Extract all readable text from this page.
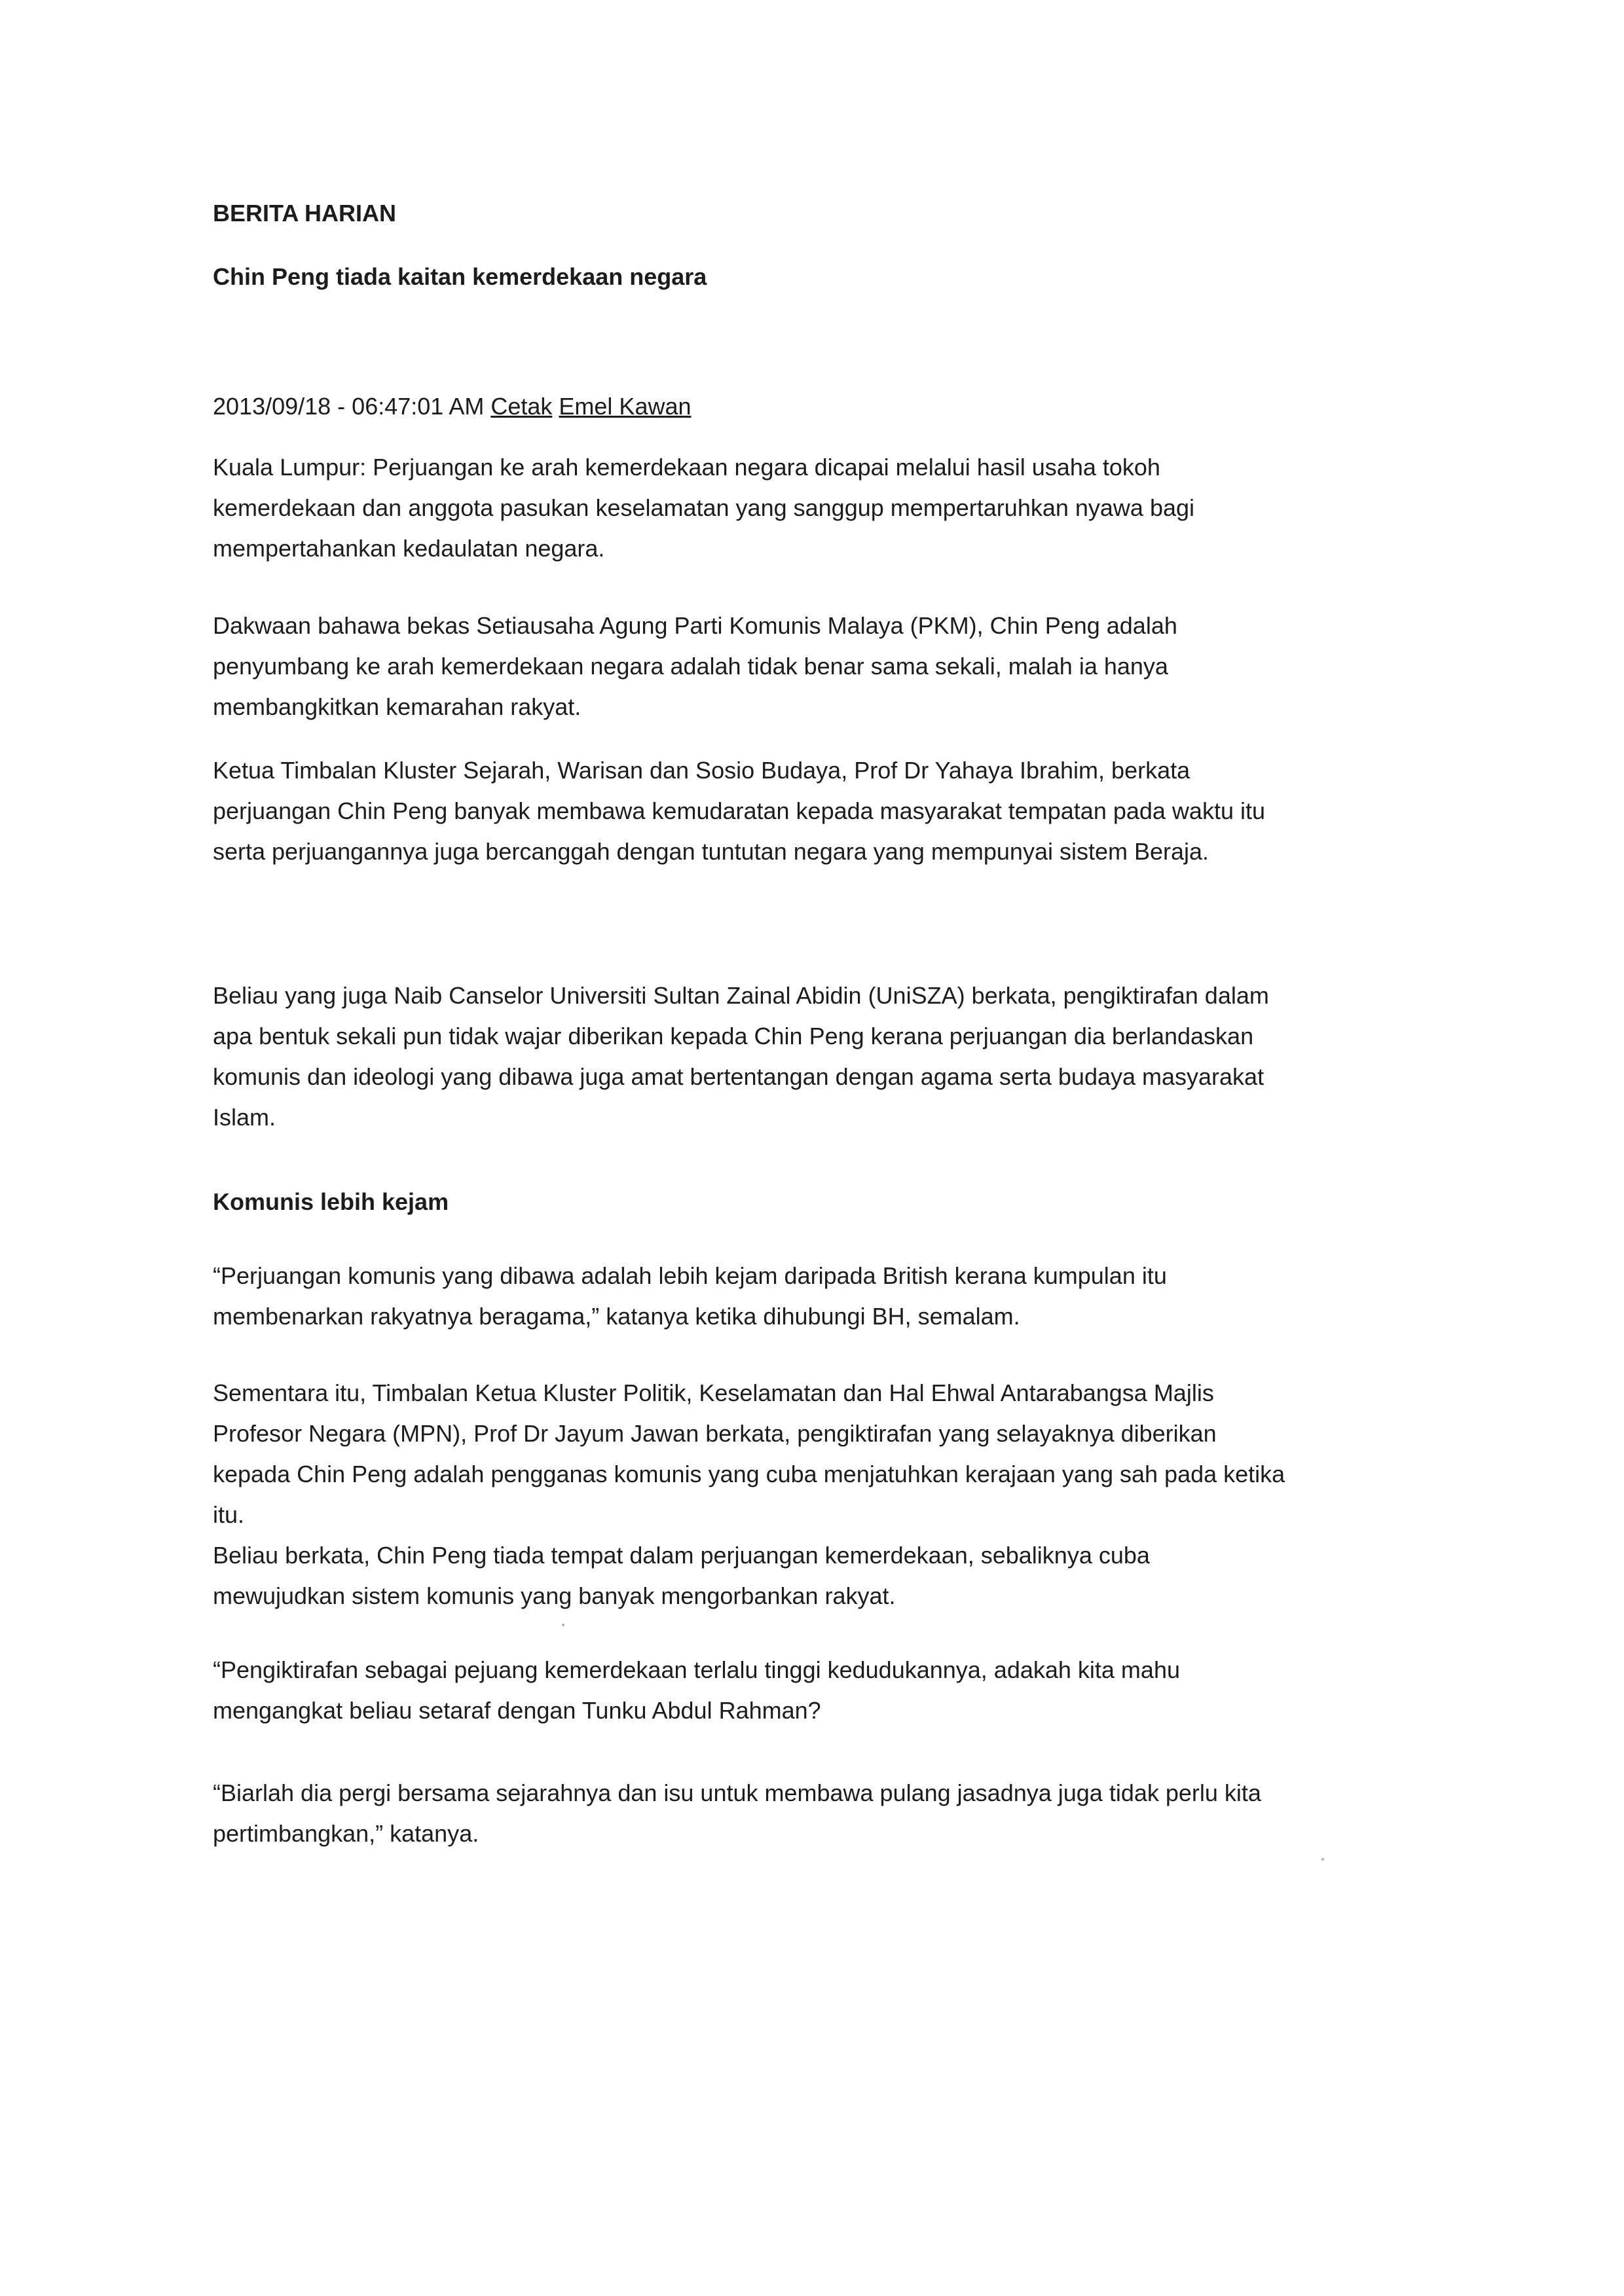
BERITA HARIAN
Chin Peng tiada kaitan kemerdekaan negara
2013/09/18 - 06:47:01 AM Cetak Emel Kawan

Kuala Lumpur: Perjuangan ke arah kemerdekaan negara dicapai melalui hasil usaha tokoh
kemerdekaan dan anggota pasukan keselamatan yang sanggup mempertaruhkan nyawa bagi
mempertahankan kedaulatan negara.

Dakwaan bahawa bekas Setiausaha Agung Parti Komunis Malaya (PKM), Chin Peng adalah
penyumbang ke arah kemerdekaan negara adalah tidak benar sama sekali, malah ia hanya
membangkitkan kemarahan rakyat.

Ketua Timbalan Kluster Sejarah, Warisan dan Sosio Budaya, Prof Dr Yahaya Ibrahim, berkata
perjuangan Chin Peng banyak membawa kemudaratan kepada masyarakat tempatan pada waktu itu
serta perjuangannya juga bercanggah dengan tuntutan negara yang mempunyai sistem Beraja.

Beliau yang juga Naib Canselor Universiti Sultan Zainal Abidin (UniSZA) berkata, pengiktirafan dalam
apa bentuk sekali pun tidak wajar diberikan kepada Chin Peng kerana perjuangan dia berlandaskan
komunis dan ideologi yang dibawa juga amat bertentangan dengan agama serta budaya masyarakat
Islam.

Komunis lebih kejam

“Perjuangan komunis yang dibawa adalah lebih kejam daripada British kerana kumpulan itu
membenarkan rakyatnya beragama,” katanya ketika dihubungi BH, semalam.

Sementara itu, Timbalan Ketua Kluster Politik, Keselamatan dan Hal Ehwal Antarabangsa Majlis
Profesor Negara (MPN), Prof Dr Jayum Jawan berkata, pengiktirafan yang selayaknya diberikan
kepada Chin Peng adalah pengganas komunis yang cuba menjatuhkan kerajaan yang sah pada ketika
itu.
Beliau berkata, Chin Peng tiada tempat dalam perjuangan kemerdekaan, sebaliknya cuba
mewujudkan sistem komunis yang banyak mengorbankan rakyat.

“Pengiktirafan sebagai pejuang kemerdekaan terlalu tinggi kedudukannya, adakah kita mahu
mengangkat beliau setaraf dengan Tunku Abdul Rahman?

“Biarlah dia pergi bersama sejarahnya dan isu untuk membawa pulang jasadnya juga tidak perlu kita
pertimbangkan,” katanya.
